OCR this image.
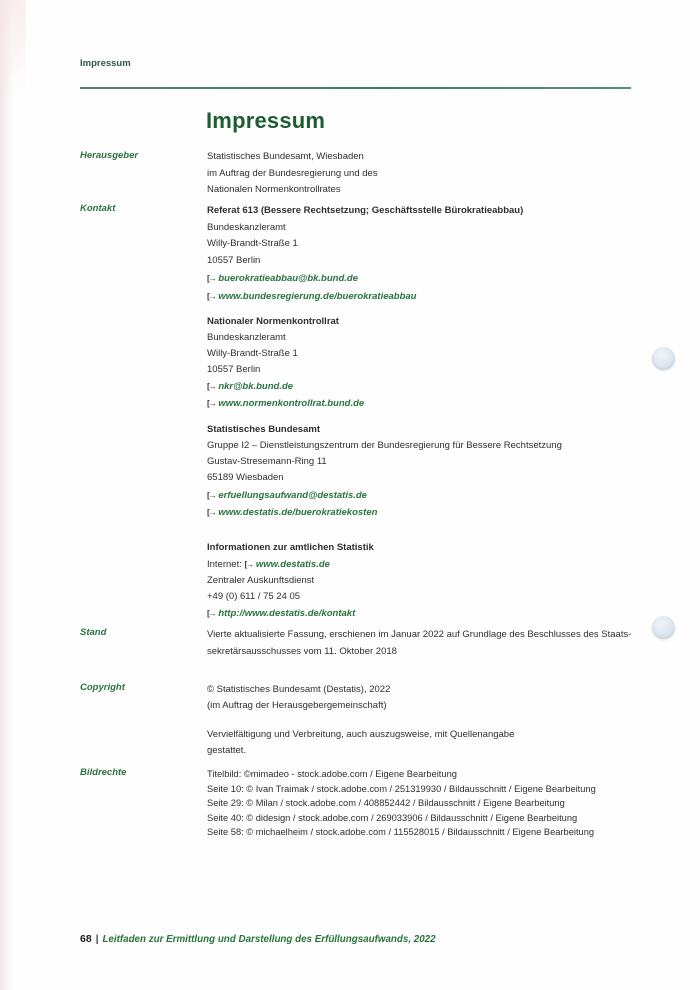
Impressum
Impressum
Herausgeber
Kontakt
Stand
Copyright
Bildrechte
Statistisches Bundesamt, Wiesbaden
im Auftrag der Bundesregierung und des
Nationalen Normenkontrollrates
Referat 613 (Bessere Rechtsetzung; Geschäftsstelle Bürokratieabbau)
Bundeskanzleramt
Willy-Brandt-Straße 1
10557 Berlin
[→ buerokratieabbau@bk.bund.de
[→ www.bundesregierung.de/buerokratieabbau
Nationaler Normenkontrollrat
Bundeskanzleramt
Willy-Brandt-Straße 1
10557 Berlin
[→ nkr@bk.bund.de
[→ www.normenkontrollrat.bund.de
Statistisches Bundesamt
Gruppe I2 – Dienstleistungszentrum der Bundesregierung für Bessere Rechtsetzung
Gustav-Stresemann-Ring 11
65189 Wiesbaden
[→ erfuellungsaufwand@destatis.de
[→ www.destatis.de/buerokratiekosten
Informationen zur amtlichen Statistik
Internet: [→ www.destatis.de
Zentraler Auskunftsdienst
+49 (0) 611 / 75 24 05
[→ http://www.destatis.de/kontakt
Vierte aktualisierte Fassung, erschienen im Januar 2022 auf Grundlage des Beschlusses des Staats-
sekretärsausschusses vom 11. Oktober 2018
© Statistisches Bundesamt (Destatis), 2022
(im Auftrag der Herausgebergemeinschaft)
Vervielfältigung und Verbreitung, auch auszugsweise, mit Quellenangabe
gestattet.
Titelbild: ©mimadeo - stock.adobe.com / Eigene Bearbeitung
Seite 10: © Ivan Traimak / stock.adobe.com / 251319930 / Bildausschnitt / Eigene Bearbeitung
Seite 29: © Milan / stock.adobe.com / 408852442 / Bildausschnitt / Eigene Bearbeitung
Seite 40: © didesign / stock.adobe.com / 269033906 / Bildausschnitt / Eigene Bearbeitung
Seite 58: © michaelheim / stock.adobe.com / 115528015 / Bildausschnitt / Eigene Bearbeitung
68 | Leitfaden zur Ermittlung und Darstellung des Erfüllungsaufwands, 2022
